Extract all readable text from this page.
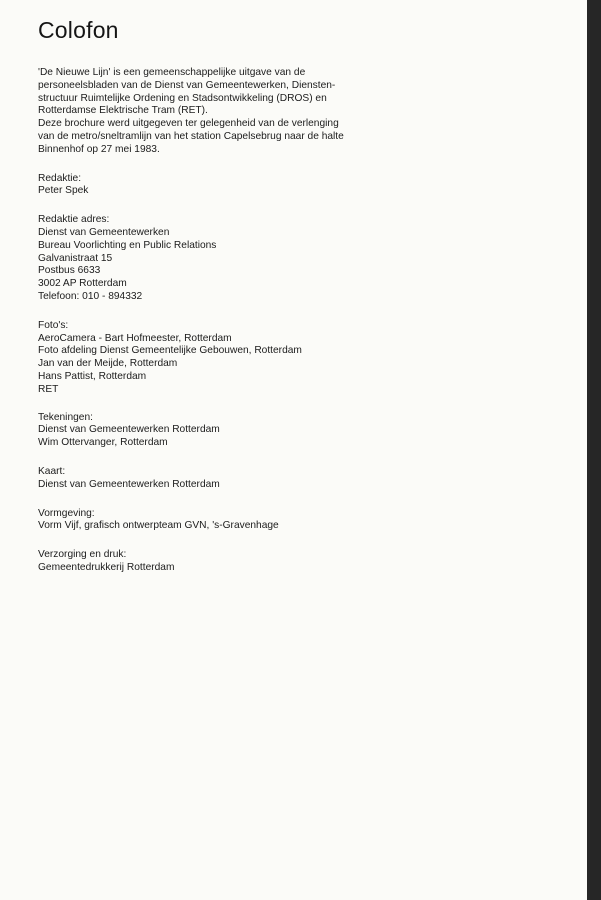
Colofon
'De Nieuwe Lijn' is een gemeenschappelijke uitgave van de
personeelsbladen van de Dienst van Gemeentewerken, Diensten-
structuur Ruimtelijke Ordening en Stadsontwikkeling (DROS) en
Rotterdamse Elektrische Tram (RET).
Deze brochure werd uitgegeven ter gelegenheid van de verlenging
van de metro/sneltramlijn van het station Capelsebrug naar de halte
Binnenhof op 27 mei 1983.
Redaktie:
Peter Spek
Redaktie adres:
Dienst van Gemeentewerken
Bureau Voorlichting en Public Relations
Galvanistraat 15
Postbus 6633
3002 AP Rotterdam
Telefoon: 010 - 894332
Foto's:
AeroCamera - Bart Hofmeester, Rotterdam
Foto afdeling Dienst Gemeentelijke Gebouwen, Rotterdam
Jan van der Meijde, Rotterdam
Hans Pattist, Rotterdam
RET
Tekeningen:
Dienst van Gemeentewerken Rotterdam
Wim Ottervanger, Rotterdam
Kaart:
Dienst van Gemeentewerken Rotterdam
Vormgeving:
Vorm Vijf, grafisch ontwerpteam GVN, 's-Gravenhage
Verzorging en druk:
Gemeentedrukkerij Rotterdam
